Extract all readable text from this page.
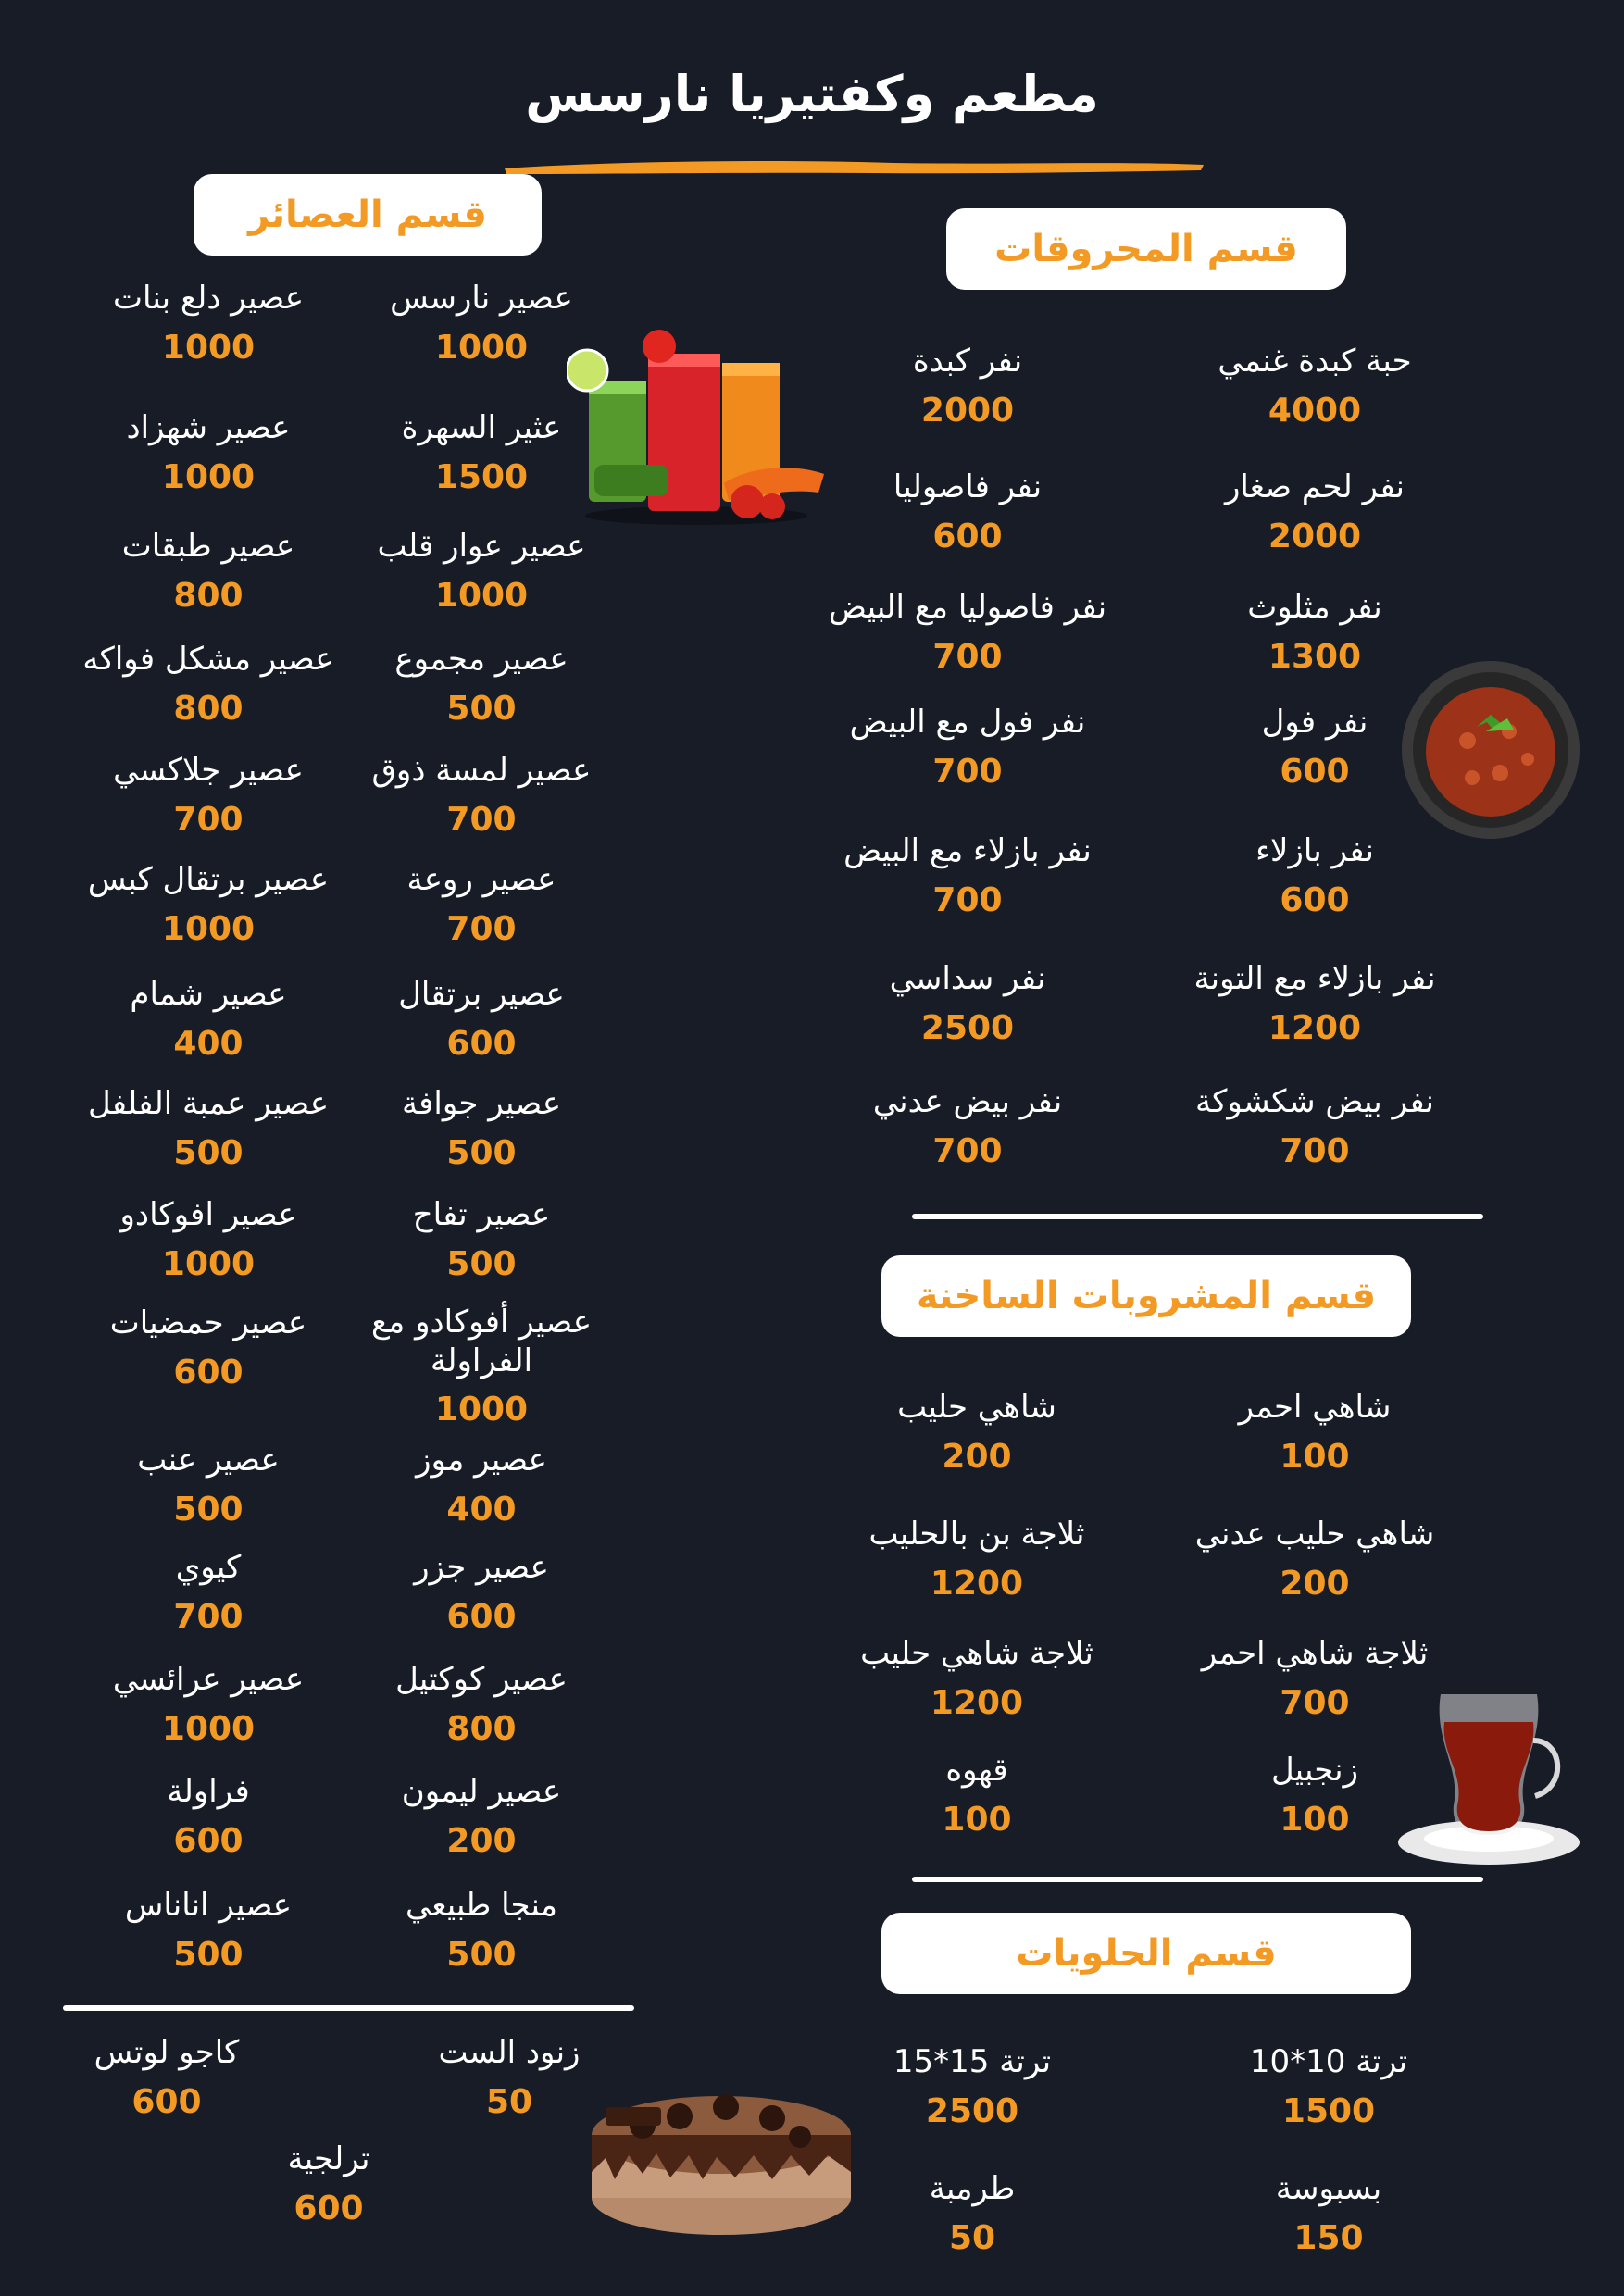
مطعم وكفتيريا نارسس
قسم العصائر
عصير نارسس
1000
عصير دلع بنات
1000
عثير السهرة
1500
عصير شهزاد
1000
عصير عوار قلب
1000
عصير طبقات
800
عصير مجموع
500
عصير مشكل فواكه
800
عصير لمسة ذوق
700
عصير جلاكسي
700
عصير روعة
700
عصير برتقال كبس
1000
عصير برتقال
600
عصير شمام
400
عصير جوافة
500
عصير عمبة الفلفل
500
عصير تفاح
500
عصير افوكادو
1000
عصير أفوكادو مع الفراولة
1000
عصير حمضيات
600
عصير موز
400
عصير عنب
500
عصير جزر
600
كيوي
700
عصير كوكتيل
800
عصير عرائسي
1000
عصير ليمون
200
فراولة
600
منجا طبيعي
500
عصير اناناس
500
قسم المحروقات
حبة كبدة غنمي
4000
نفر كبدة
2000
نفر لحم صغار
2000
نفر فاصوليا
600
نفر مثلوث
1300
نفر فاصوليا مع البيض
700
نفر فول
600
نفر فول مع البيض
700
نفر بازلاء
600
نفر بازلاء مع البيض
700
نفر بازلاء مع التونة
1200
نفر سداسي
2500
نفر بيض شكشوكة
700
نفر بيض عدني
700
قسم المشروبات الساخنة
شاهي احمر
100
شاهي حليب
200
شاهي حليب عدني
200
ثلاجة بن بالحليب
1200
ثلاجة شاهي احمر
700
ثلاجة شاهي حليب
1200
زنجبيل
100
قهوه
100
قسم الحلويات
ترتة 10*10
1500
ترتة 15*15
2500
بسبوسة
150
طرمبة
50
زنود الست
50
كاجو لوتس
600
ترلجية
600
